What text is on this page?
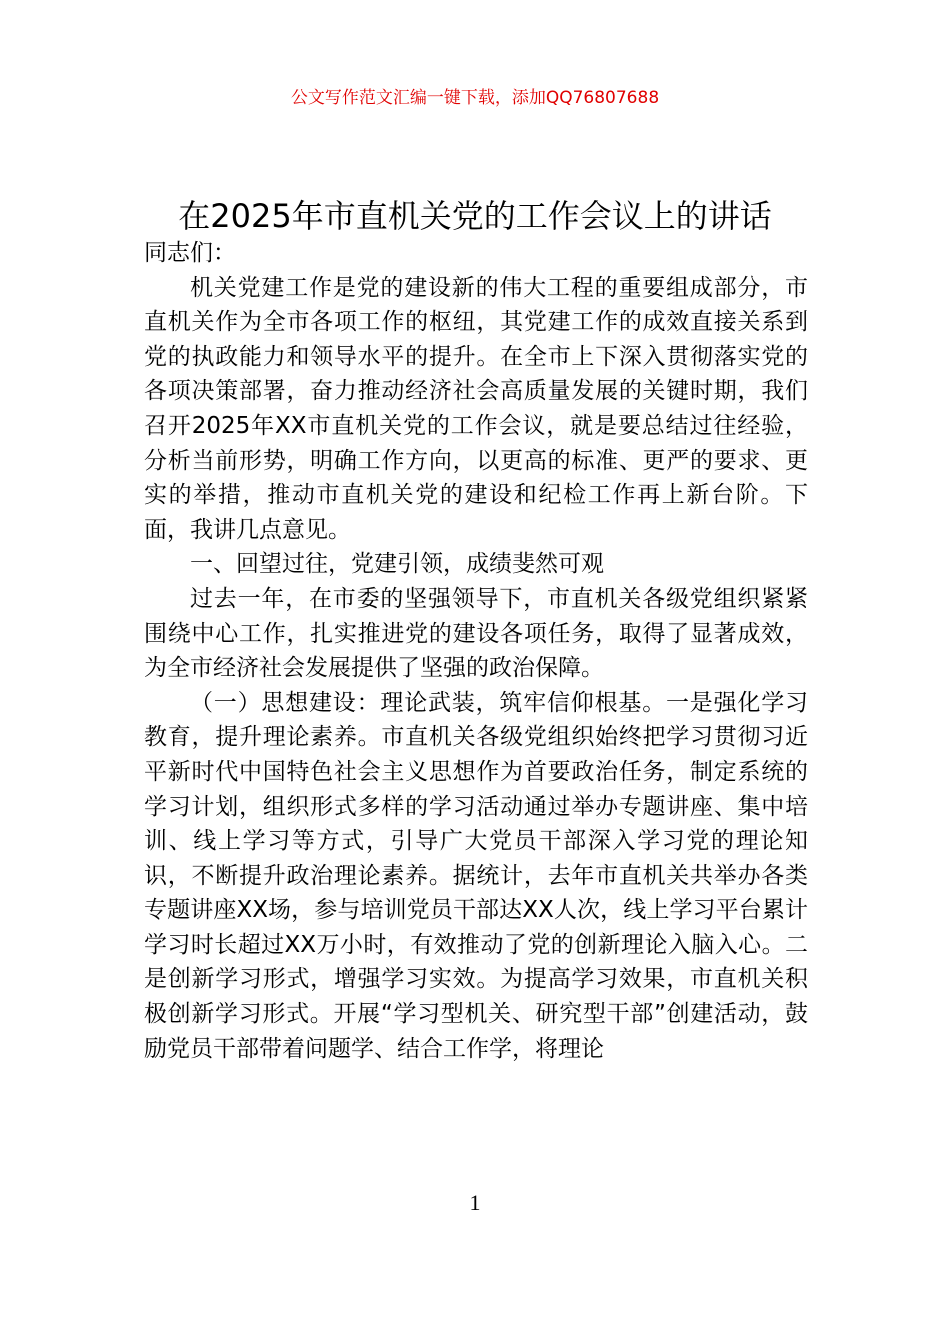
公文写作范文汇编一键下载，添加QQ76807688
在2025年市直机关党的工作会议上的讲话

同志们：

机关党建工作是党的建设新的伟大工程的重要组成部分，市直机关作为全市各项工作的枢纽，其党建工作的成效直接关系到党的执政能力和领导水平的提升。在全市上下深入贯彻落实党的各项决策部署，奋力推动经济社会高质量发展的关键时期，我们召开2025年XX市直机关党的工作会议，就是要总结过往经验，分析当前形势，明确工作方向，以更高的标准、更严的要求、更实的举措，推动市直机关党的建设和纪检工作再上新台阶。下面，我讲几点意见。

一、回望过往，党建引领，成绩斐然可观

过去一年，在市委的坚强领导下，市直机关各级党组织紧紧围绕中心工作，扎实推进党的建设各项任务，取得了显著成效，为全市经济社会发展提供了坚强的政治保障。

（一）思想建设：理论武装，筑牢信仰根基。一是强化学习教育，提升理论素养。市直机关各级党组织始终把学习贯彻习近平新时代中国特色社会主义思想作为首要政治任务，制定系统的学习计划，组织形式多样的学习活动通过举办专题讲座、集中培训、线上学习等方式，引导广大党员干部深入学习党的理论知识，不断提升政治理论素养。据统计，去年市直机关共举办各类专题讲座XX场，参与培训党员干部达XX人次，线上学习平台累计学习时长超过XX万小时，有效推动了党的创新理论入脑入心。二是创新学习形式，增强学习实效。为提高学习效果，市直机关积极创新学习形式。开展“学习型机关、研究型干部”创建活动，鼓励党员干部带着问题学、结合工作学，将理论

1
